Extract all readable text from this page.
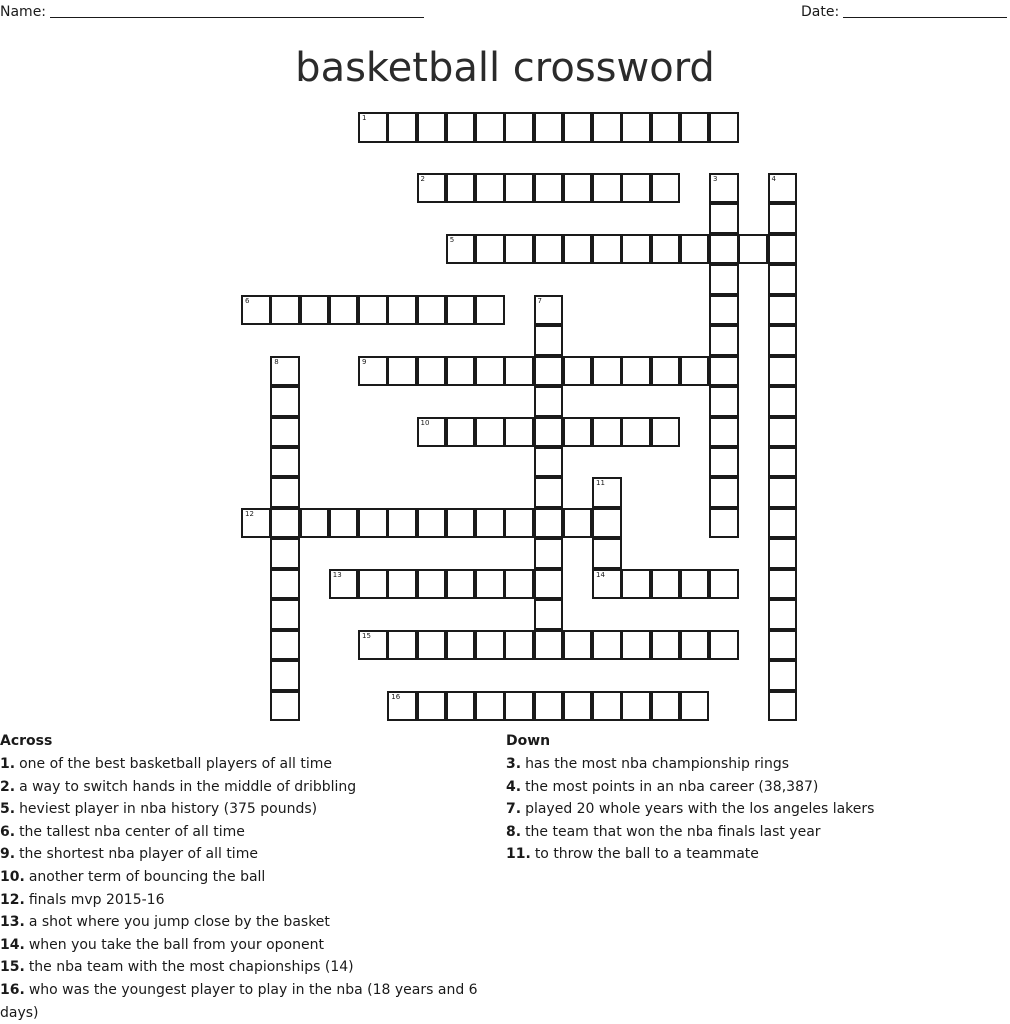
Name:	Date:
basketball crossword
1
2
5
6
9
10
12
13	14
15
16
3	4
7
8
11
Across	Down
1. one of the best basketball players of all time
2. a way to switch hands in the middle of dribbling
5. heviest player in nba history (375 pounds)
6. the tallest nba center of all time
9. the shortest nba player of all time
10. another term of bouncing the ball
12. finals mvp 2015-16
13. a shot where you jump close by the basket
14. when you take the ball from your oponent
15. the nba team with the most chapionships (14)
16. who was the youngest player to play in the nba (18 years and 6 days)
3. has the most nba championship rings
4. the most points in an nba career (38,387)
7. played 20 whole years with the los angeles lakers
8. the team that won the nba finals last year
11. to throw the ball to a teammate
